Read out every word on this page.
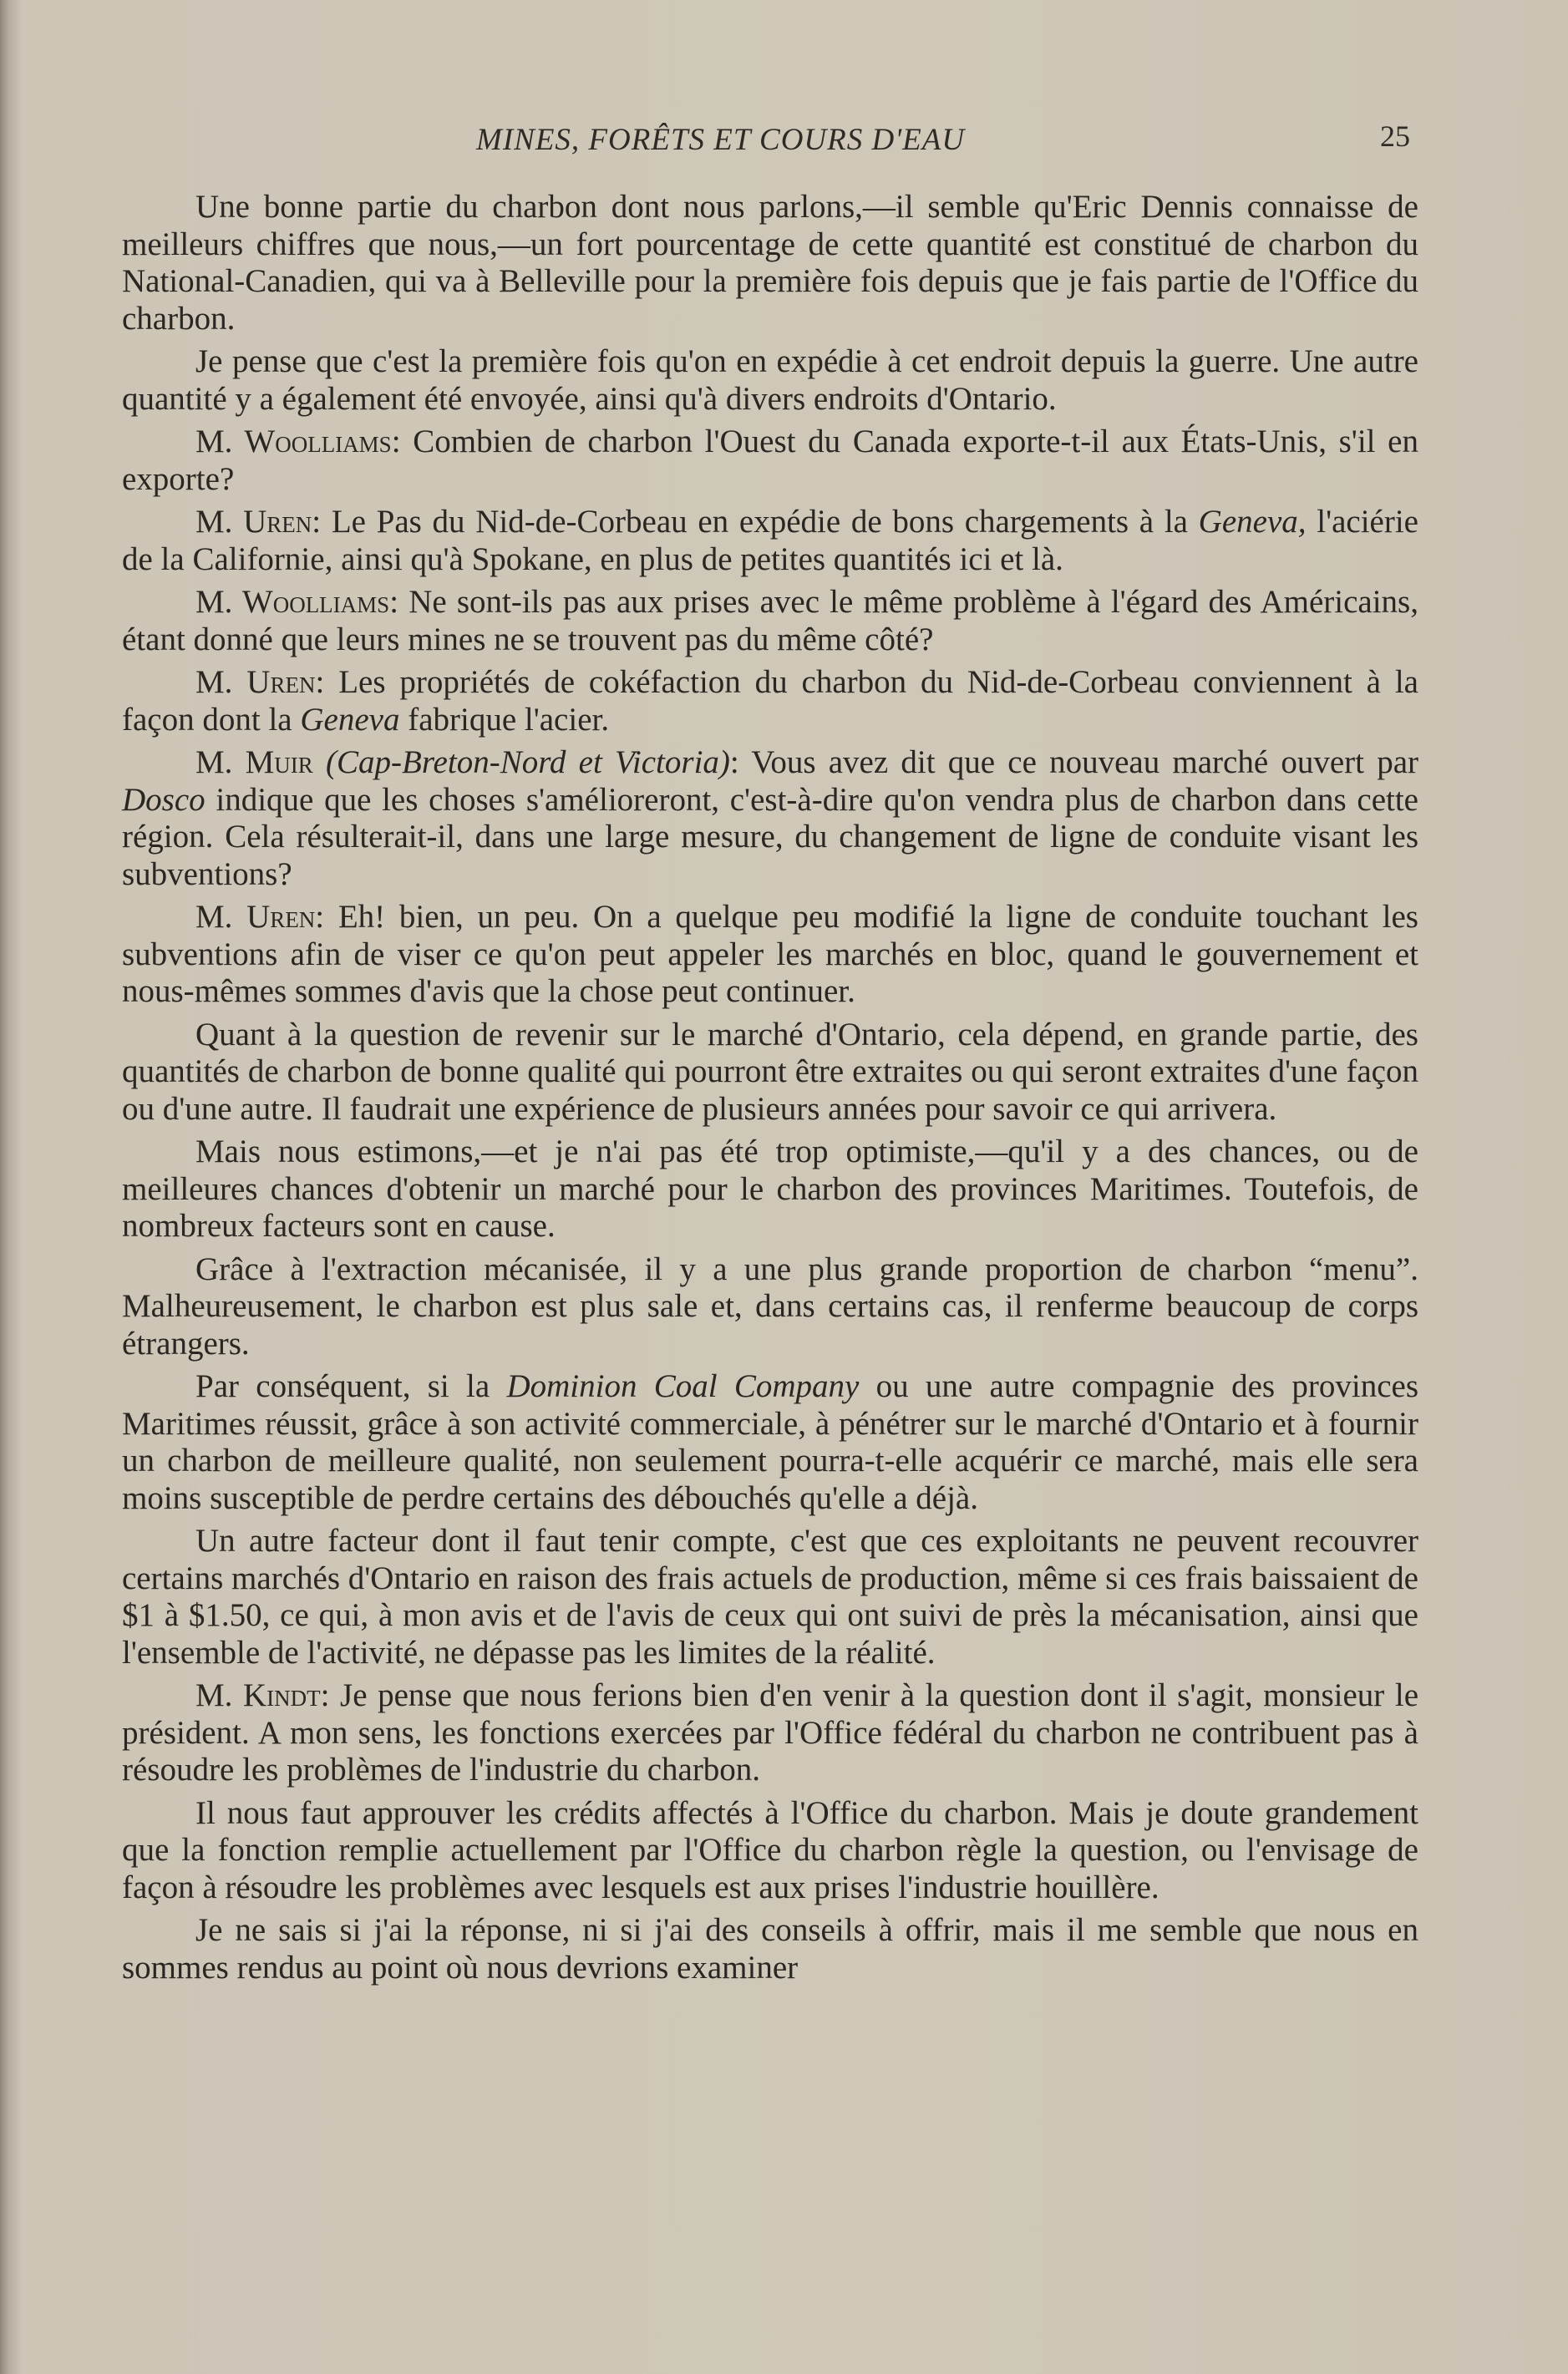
MINES, FORÊTS ET COURS D'EAU	25

Une bonne partie du charbon dont nous parlons,—il semble qu'Eric Dennis connaisse de meilleurs chiffres que nous,—un fort pourcentage de cette quantité est constitué de charbon du National-Canadien, qui va à Belleville pour la première fois depuis que je fais partie de l'Office du charbon.

Je pense que c'est la première fois qu'on en expédie à cet endroit depuis la guerre. Une autre quantité y a également été envoyée, ainsi qu'à divers endroits d'Ontario.

M. Woolliams: Combien de charbon l'Ouest du Canada exporte-t-il aux États-Unis, s'il en exporte?

M. Uren: Le Pas du Nid-de-Corbeau en expédie de bons chargements à la Geneva, l'aciérie de la Californie, ainsi qu'à Spokane, en plus de petites quantités ici et là.

M. Woolliams: Ne sont-ils pas aux prises avec le même problème à l'égard des Américains, étant donné que leurs mines ne se trouvent pas du même côté?

M. Uren: Les propriétés de cokéfaction du charbon du Nid-de-Corbeau conviennent à la façon dont la Geneva fabrique l'acier.

M. Muir (Cap-Breton-Nord et Victoria): Vous avez dit que ce nouveau marché ouvert par Dosco indique que les choses s'amélioreront, c'est-à-dire qu'on vendra plus de charbon dans cette région. Cela résulterait-il, dans une large mesure, du changement de ligne de conduite visant les subventions?

M. Uren: Eh! bien, un peu. On a quelque peu modifié la ligne de conduite touchant les subventions afin de viser ce qu'on peut appeler les marchés en bloc, quand le gouvernement et nous-mêmes sommes d'avis que la chose peut continuer.

Quant à la question de revenir sur le marché d'Ontario, cela dépend, en grande partie, des quantités de charbon de bonne qualité qui pourront être extraites ou qui seront extraites d'une façon ou d'une autre. Il faudrait une expérience de plusieurs années pour savoir ce qui arrivera.

Mais nous estimons,—et je n'ai pas été trop optimiste,—qu'il y a des chances, ou de meilleures chances d'obtenir un marché pour le charbon des provinces Maritimes. Toutefois, de nombreux facteurs sont en cause.

Grâce à l'extraction mécanisée, il y a une plus grande proportion de charbon “menu”. Malheureusement, le charbon est plus sale et, dans certains cas, il renferme beaucoup de corps étrangers.

Par conséquent, si la Dominion Coal Company ou une autre compagnie des provinces Maritimes réussit, grâce à son activité commerciale, à pénétrer sur le marché d'Ontario et à fournir un charbon de meilleure qualité, non seulement pourra-t-elle acquérir ce marché, mais elle sera moins susceptible de perdre certains des débouchés qu'elle a déjà.

Un autre facteur dont il faut tenir compte, c'est que ces exploitants ne peuvent recouvrer certains marchés d'Ontario en raison des frais actuels de production, même si ces frais baissaient de $1 à $1.50, ce qui, à mon avis et de l'avis de ceux qui ont suivi de près la mécanisation, ainsi que l'ensemble de l'activité, ne dépasse pas les limites de la réalité.

M. Kindt: Je pense que nous ferions bien d'en venir à la question dont il s'agit, monsieur le président. A mon sens, les fonctions exercées par l'Office fédéral du charbon ne contribuent pas à résoudre les problèmes de l'industrie du charbon.

Il nous faut approuver les crédits affectés à l'Office du charbon. Mais je doute grandement que la fonction remplie actuellement par l'Office du charbon règle la question, ou l'envisage de façon à résoudre les problèmes avec lesquels est aux prises l'industrie houillère.

Je ne sais si j'ai la réponse, ni si j'ai des conseils à offrir, mais il me semble que nous en sommes rendus au point où nous devrions examiner
